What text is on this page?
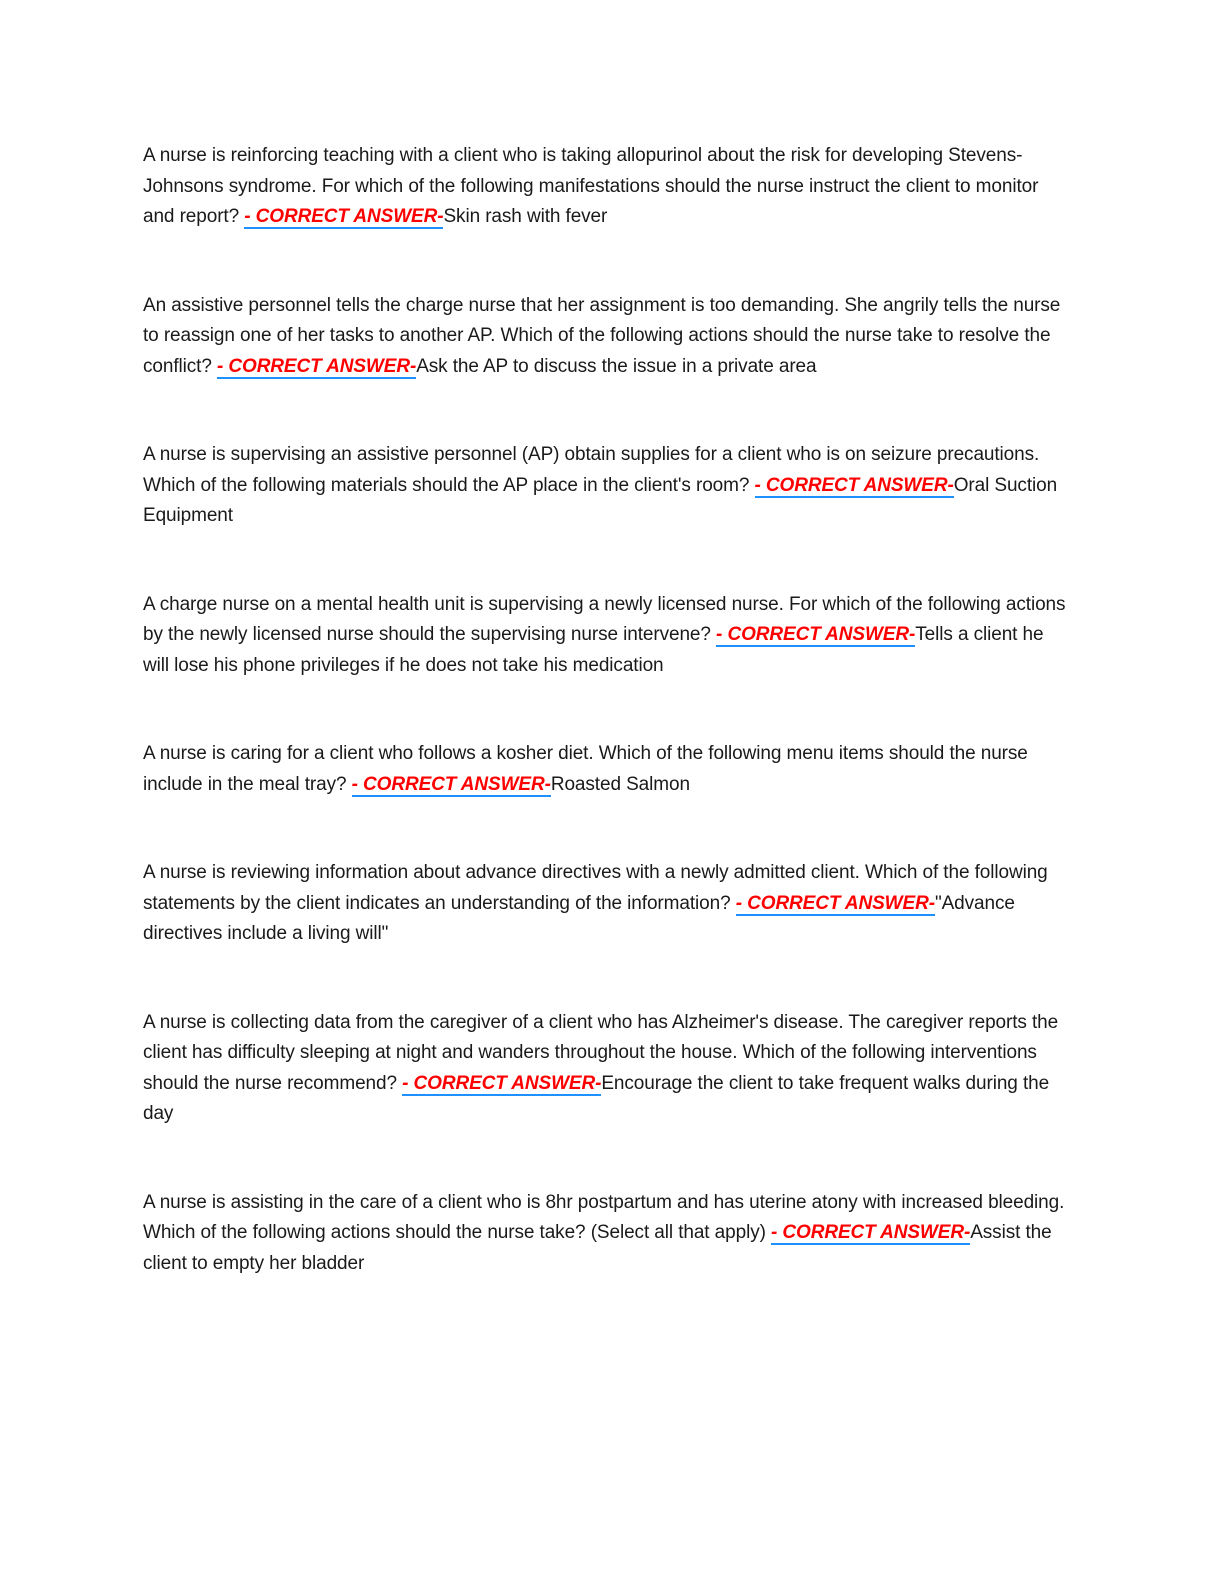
A nurse is reinforcing teaching with a client who is taking allopurinol about the risk for developing Stevens-Johnsons syndrome. For which of the following manifestations should the nurse instruct the client to monitor and report? - CORRECT ANSWER-Skin rash with fever

An assistive personnel tells the charge nurse that her assignment is too demanding. She angrily tells the nurse to reassign one of her tasks to another AP. Which of the following actions should the nurse take to resolve the conflict? - CORRECT ANSWER-Ask the AP to discuss the issue in a private area

A nurse is supervising an assistive personnel (AP) obtain supplies for a client who is on seizure precautions. Which of the following materials should the AP place in the client's room? - CORRECT ANSWER-Oral Suction Equipment

A charge nurse on a mental health unit is supervising a newly licensed nurse. For which of the following actions by the newly licensed nurse should the supervising nurse intervene? - CORRECT ANSWER-Tells a client he will lose his phone privileges if he does not take his medication

A nurse is caring for a client who follows a kosher diet. Which of the following menu items should the nurse include in the meal tray? - CORRECT ANSWER-Roasted Salmon

A nurse is reviewing information about advance directives with a newly admitted client. Which of the following statements by the client indicates an understanding of the information? - CORRECT ANSWER-"Advance directives include a living will"

A nurse is collecting data from the caregiver of a client who has Alzheimer's disease. The caregiver reports the client has difficulty sleeping at night and wanders throughout the house. Which of the following interventions should the nurse recommend? - CORRECT ANSWER-Encourage the client to take frequent walks during the day

A nurse is assisting in the care of a client who is 8hr postpartum and has uterine atony with increased bleeding. Which of the following actions should the nurse take? (Select all that apply) - CORRECT ANSWER-Assist the client to empty her bladder
